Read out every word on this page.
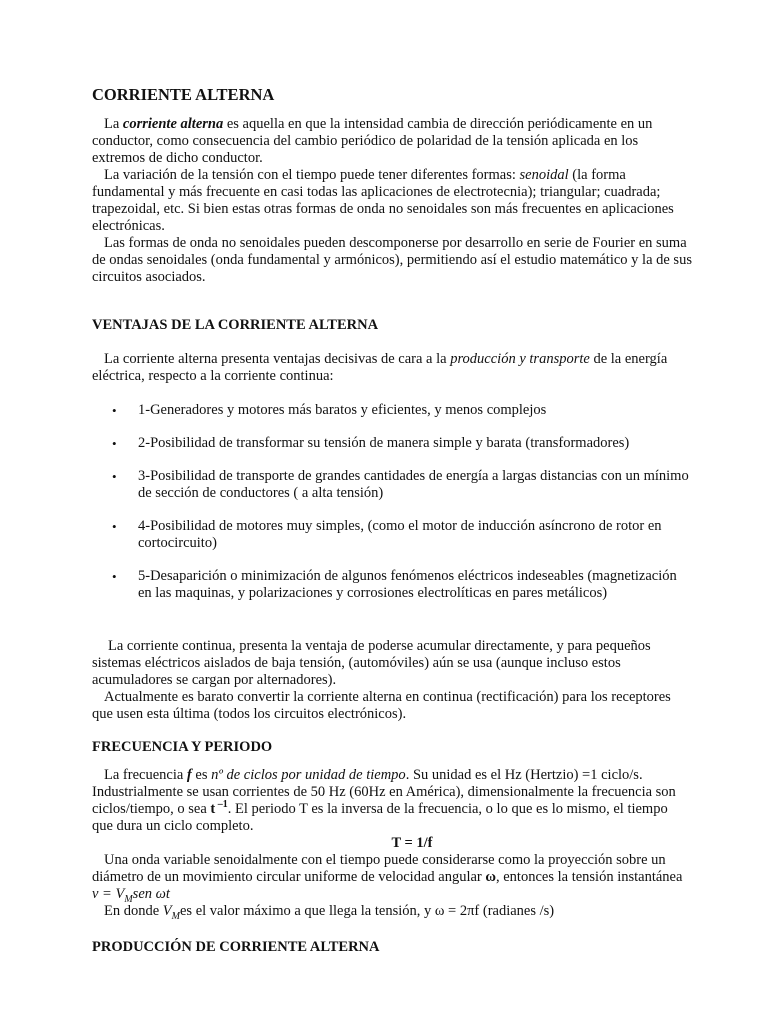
CORRIENTE ALTERNA

La corriente alterna es aquella en que la intensidad cambia de dirección periódicamente en un conductor, como consecuencia del cambio periódico de polaridad de la tensión aplicada en los extremos de dicho conductor.

La variación de la tensión con el tiempo puede tener diferentes formas: senoidal (la forma fundamental y más frecuente en casi todas las aplicaciones de electrotecnia); triangular; cuadrada; trapezoidal, etc. Si bien estas otras formas de onda no senoidales son más frecuentes en aplicaciones electrónicas.

Las formas de onda no senoidales pueden descomponerse por desarrollo en serie de Fourier en suma de ondas senoidales (onda fundamental y armónicos), permitiendo así el estudio matemático y la de sus circuitos asociados.

VENTAJAS DE LA CORRIENTE ALTERNA

La corriente alterna presenta ventajas decisivas de cara a la producción y transporte de la energía eléctrica, respecto a la corriente continua:

• 1-Generadores y motores más baratos y eficientes, y menos complejos
• 2-Posibilidad de transformar su tensión de manera simple y barata (transformadores)
• 3-Posibilidad de transporte de grandes cantidades de energía a largas distancias con un mínimo de sección de conductores ( a alta tensión)
• 4-Posibilidad de motores muy simples, (como el motor de inducción asíncrono de rotor en cortocircuito)
• 5-Desaparición o minimización de algunos fenómenos eléctricos indeseables (magnetización en las maquinas, y polarizaciones y corrosiones electrolíticas en pares metálicos)

La corriente continua, presenta la ventaja de poderse acumular directamente, y para pequeños sistemas eléctricos aislados de baja tensión, (automóviles) aún se usa (aunque incluso estos acumuladores se cargan por alternadores).

Actualmente es barato convertir la corriente alterna en continua (rectificación) para los receptores que usen esta última (todos los circuitos electrónicos).

FRECUENCIA Y PERIODO

La frecuencia f es nº de ciclos por unidad de tiempo. Su unidad es el Hz (Hertzio) =1 ciclo/s. Industrialmente se usan corrientes de 50 Hz (60Hz en América), dimensionalmente la frecuencia son ciclos/tiempo, o sea t $^{-1}$. El periodo T es la inversa de la frecuencia, o lo que es lo mismo, el tiempo que dura un ciclo completo.

T = 1/f

Una onda variable senoidalmente con el tiempo puede considerarse como la proyección sobre un diámetro de un movimiento circular uniforme de velocidad angular ω, entonces la tensión instantánea $v = V_Msen$ ωt

En donde $V_Mes$ el valor máximo a que llega la tensión, y ω = 2πf (radianes /s)

PRODUCCIÓN DE CORRIENTE ALTERNA
